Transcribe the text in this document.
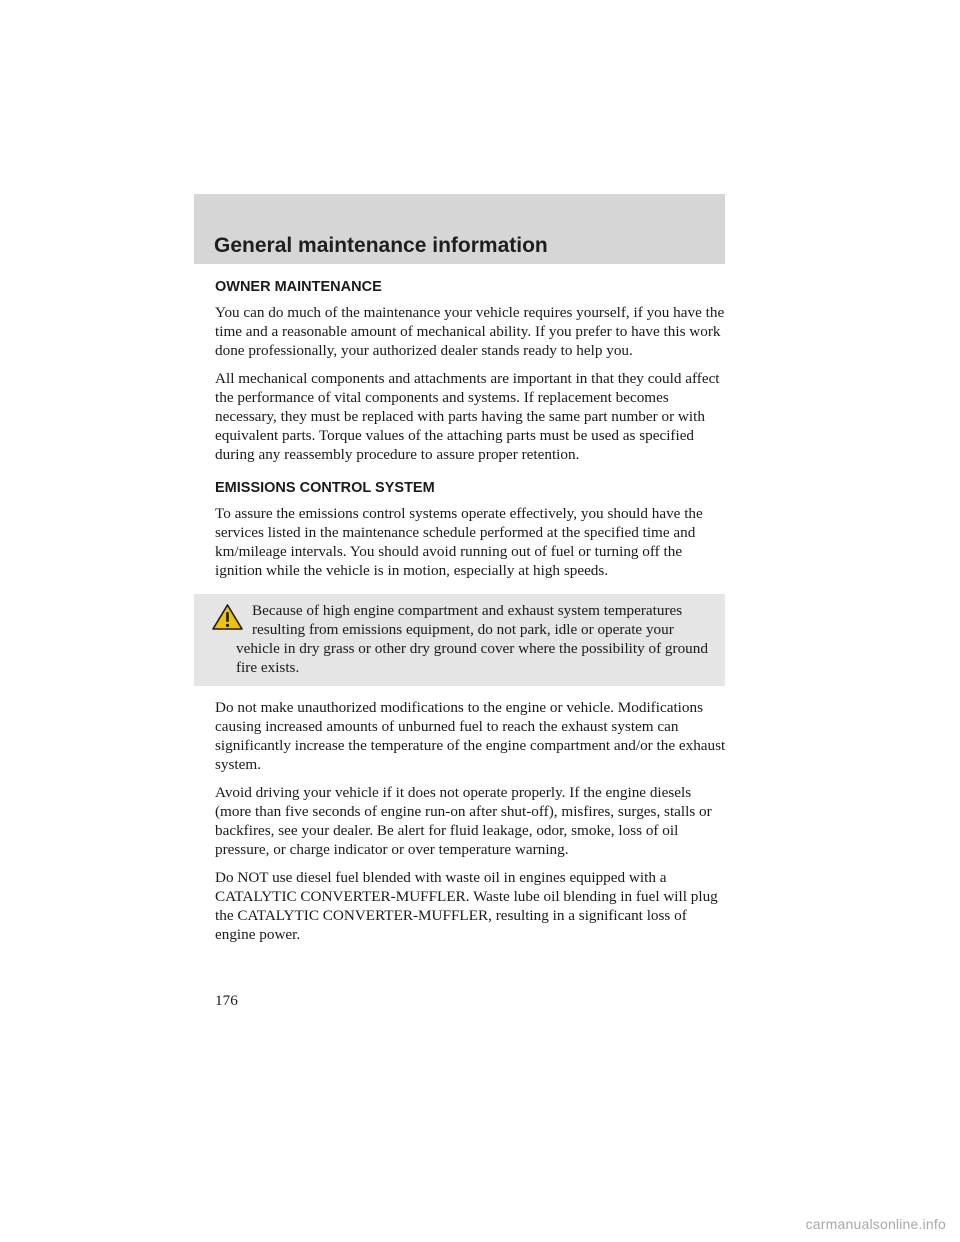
General maintenance information
OWNER MAINTENANCE

You can do much of the maintenance your vehicle requires yourself, if you have the time and a reasonable amount of mechanical ability. If you prefer to have this work done professionally, your authorized dealer stands ready to help you.

All mechanical components and attachments are important in that they could affect the performance of vital components and systems. If replacement becomes necessary, they must be replaced with parts having the same part number or with equivalent parts. Torque values of the attaching parts must be used as specified during any reassembly procedure to assure proper retention.

EMISSIONS CONTROL SYSTEM

To assure the emissions control systems operate effectively, you should have the services listed in the maintenance schedule performed at the specified time and km/mileage intervals. You should avoid running out of fuel or turning off the ignition while the vehicle is in motion, especially at high speeds.

Because of high engine compartment and exhaust system temperatures resulting from emissions equipment, do not park, idle or operate your vehicle in dry grass or other dry ground cover where the possibility of ground fire exists.

Do not make unauthorized modifications to the engine or vehicle. Modifications causing increased amounts of unburned fuel to reach the exhaust system can significantly increase the temperature of the engine compartment and/or the exhaust system.

Avoid driving your vehicle if it does not operate properly. If the engine diesels (more than five seconds of engine run-on after shut-off), misfires, surges, stalls or backfires, see your dealer. Be alert for fluid leakage, odor, smoke, loss of oil pressure, or charge indicator or over temperature warning.

Do NOT use diesel fuel blended with waste oil in engines equipped with a CATALYTIC CONVERTER-MUFFLER. Waste lube oil blending in fuel will plug the CATALYTIC CONVERTER-MUFFLER, resulting in a significant loss of engine power.

176

carmanualsonline.info
